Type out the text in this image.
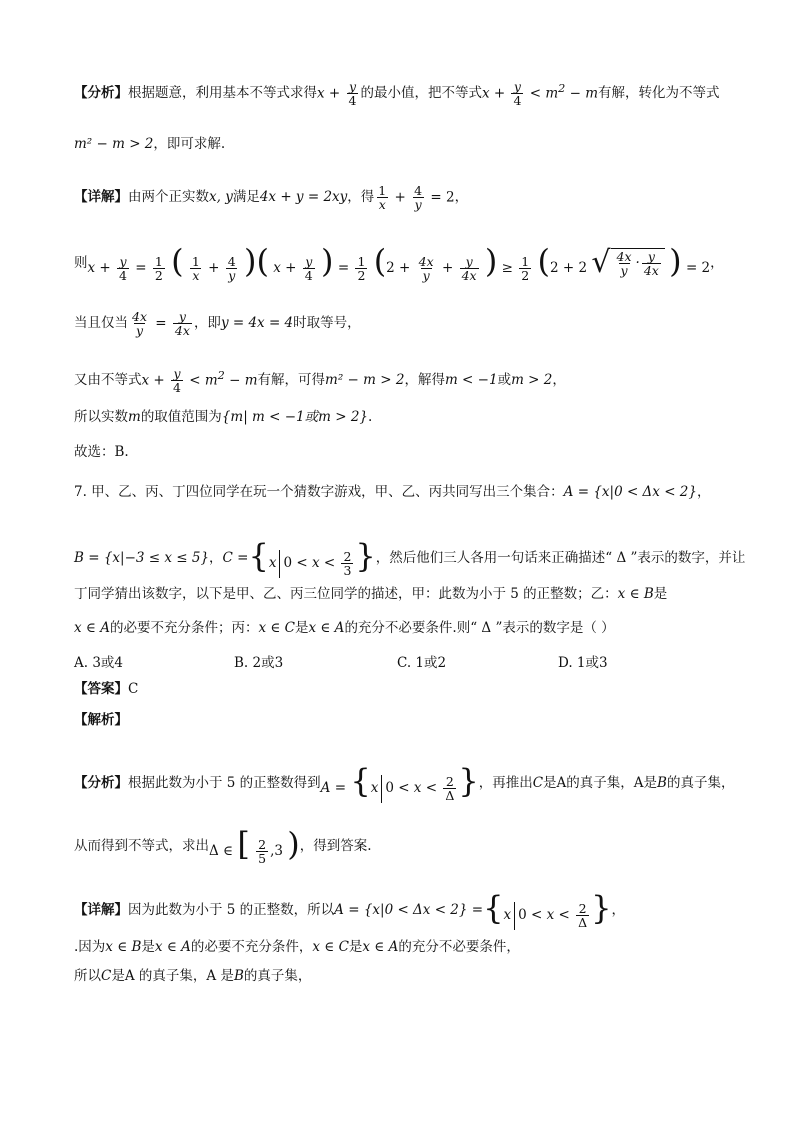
【分析】 根据题意，利用基本不等式求得 $x + \frac{y}{4}$ 的最小值，把不等式 $x + \frac{y}{4} < m^2 - m$ 有解，转化为不等式
m² − m > 2 ，即可求解.
【详解】 由两个正实数 x, y 满足 4x + y = 2xy ，得 $\frac{1}{x} + \frac{4}{y} = 2$ ，
则 $x + \frac{y}{4} = \frac{1}{2}$ ( $\frac{1}{x} + \frac{4}{y}$ )( $x + \frac{y}{4}$ ) = $\frac{1}{2} (2 + \frac{4x}{y} + \frac{y}{4x}$ ) ≥ $\frac{1}{2} (2 + 2$ √ $\frac{4x}{y} \cdot \frac{y}{4x}$ ) = 2 ，
当且仅当 $\frac{4x}{y} = \frac{y}{4x}$ ，即 y = 4x = 4 时取等号，
又由不等式 $x + \frac{y}{4} < m^2 - m$ 有解，可得 m² − m > 2 ，解得 m < −1 或 m > 2 ，
所以实数 m 的取值范围为 {m| m < −1或m > 2} .
故选：B.
7. 甲、乙、丙、丁四位同学在玩一个猜数字游戏，甲、乙、丙共同写出三个集合： A = {x|0 < Δx < 2} ，
B = {x|−3 ≤ x ≤ 5} ， C = {x $0 < x < \frac{2}{3}$ } ，然后他们三人各用一句话来正确描述“ Δ ”表示的数字，并让
丁同学猜出该数字，以下是甲、乙、丙三位同学的描述，甲：此数为小于 5 的正整数；乙： x ∈ B 是
x ∈ A 的必要不充分条件；丙： x ∈ C 是 x ∈ A 的充分不必要条件.则“ Δ ”表示的数字是（ ）
A. 3或4	B. 2或3	C. 1或2	D. 1或3
【答案】 C
【解析】
【分析】 根据此数为小于 5 的正整数得到 A = {x $0 < x < \frac{2}{\Delta}$ } ，再推出 C 是A的真子集，A是 B 的真子集，
从而得到不等式，求出 Δ ∈ [ $\frac{2}{5} ,3$ ) ，得到答案.
【详解】 因为此数为小于 5 的正整数，所以 A = {x|0 < Δx < 2} = {x $0 < x < \frac{2}{\Delta}$ } ，
.因为 x ∈ B 是 x ∈ A 的必要不充分条件， x ∈ C 是 x ∈ A 的充分不必要条件，
所以 C 是A 的真子集，A 是 B 的真子集，
